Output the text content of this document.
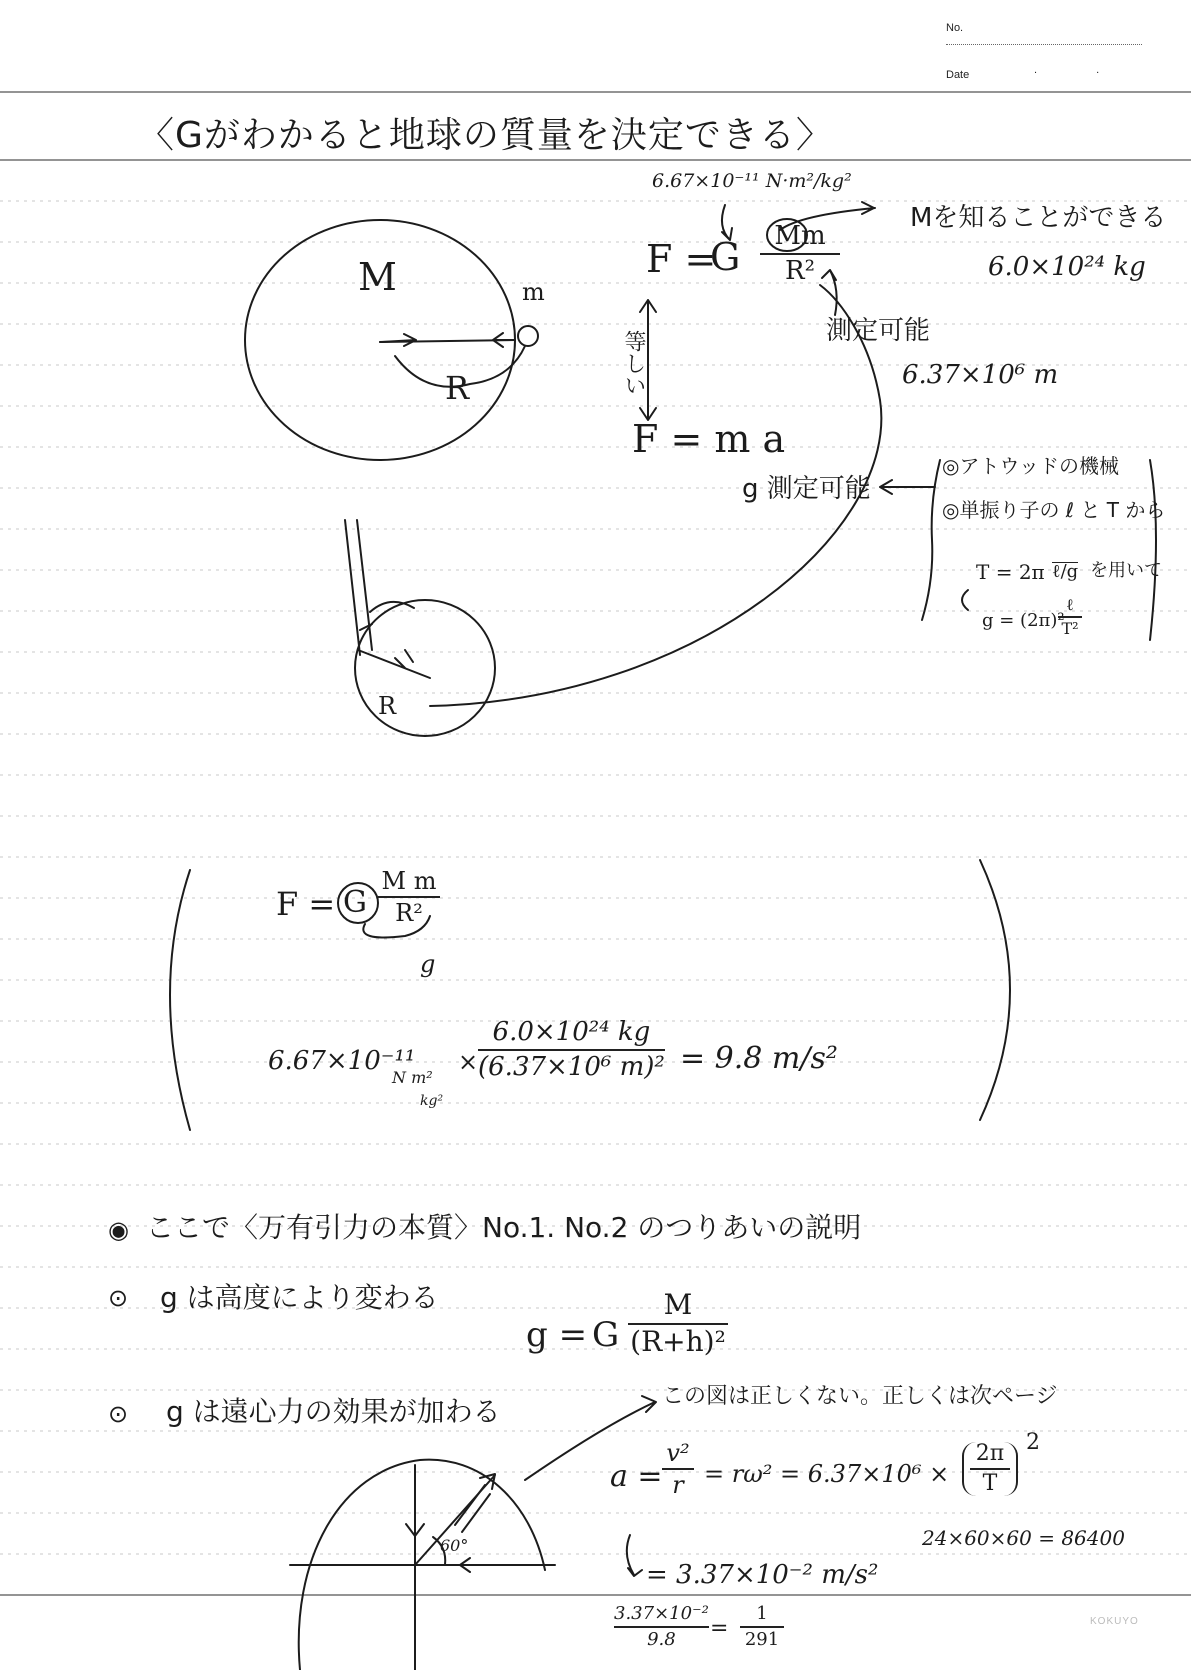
No.
Date	. .
〈Gがわかると地球の質量を決定できる〉
M	m
R
R
6.67×10⁻¹¹ N·m²/kg²
F =
G Mm
R²
Mを知ることができる
6.0×10²⁴ kg
測定可能
6.37×10⁶ m
等しい
F = m a
g 測定可能
◎アトウッドの機械
◎単振り子の ℓ と T から
T = 2π ℓ/g を用いて
g = (2π)²
ℓ
T²
F = G
M m
R²
g
6.67×10⁻¹¹
N m²
kg²
×
6.0×10²⁴ kg
(6.37×10⁶ m)² = 9.8 m/s²
◉ ここで〈万有引力の本質〉No.1. No.2 のつりあいの説明
⊙ g は高度により変わる
⊙ g は遠心力の効果が加わる
g = G
M
(R+h)²
この図は正しくない。正しくは次ページ
a =
v²
r = rω² = 6.37×10⁶ ×
2π
T
2
24×60×60 = 86400
= 3.37×10⁻² m/s²
3.37×10⁻²
9.8 =
1
291
60°
KOKUYO
